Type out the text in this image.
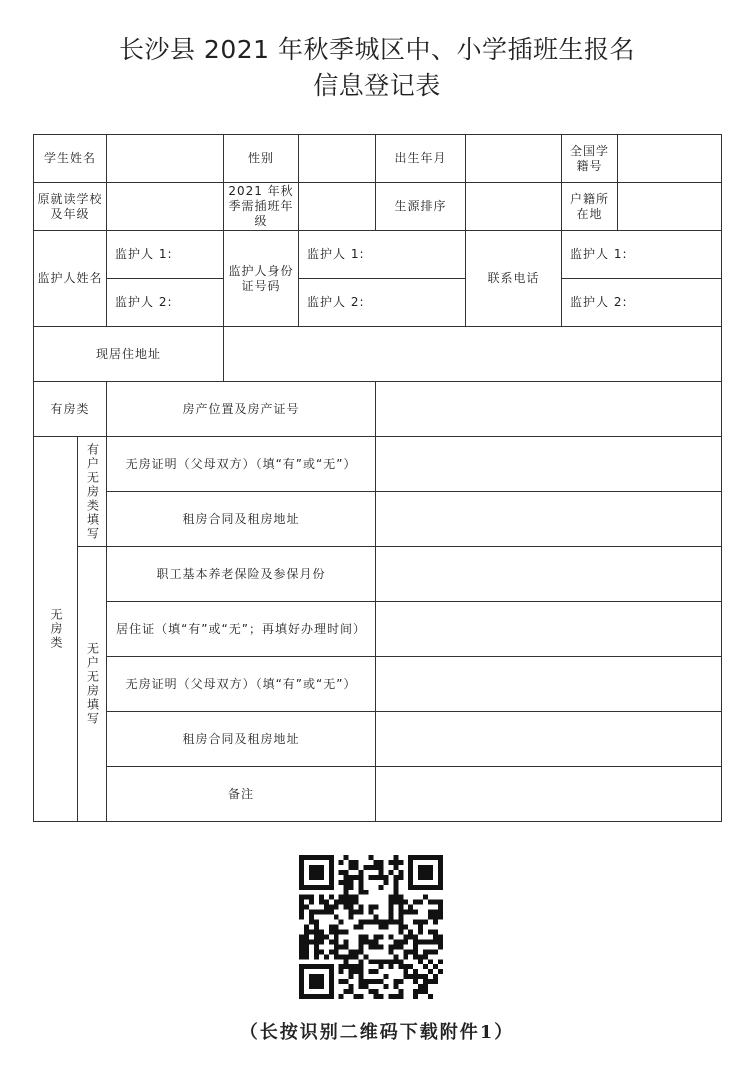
长沙县 2021 年秋季城区中、小学插班生报名
信息登记表
学生姓名			性别		出生年月		全国学籍号	
原就读学校及年级			2021 年秋季需插班年级		生源排序		户籍所在地	
监护人姓名		监护人 1:	监护人身份证号码	监护人 1:		联系电话	监护人 1:	
		监护人 2:		监护人 2:			监护人 2:	
现居住地址								
有房类		房产位置及房产证号						
无房类	有户无房类填写	无房证明（父母双方）（填“有”或“无”）						
		租房合同及租房地址						
	无户无房填写	职工基本养老保险及参保月份						
		居住证（填“有”或“无”；再填好办理时间）						
		无房证明（父母双方）（填“有”或“无”）						
		租房合同及租房地址						
		备注						
（长按识别二维码下载附件1）
